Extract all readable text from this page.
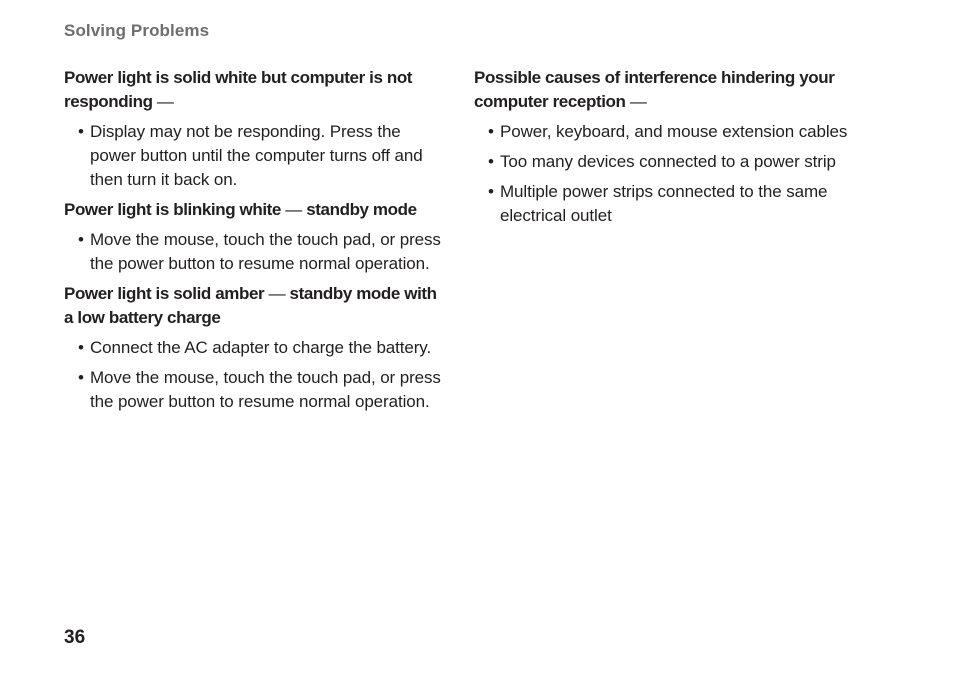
Solving Problems

Power light is solid white but computer is not responding —

• Display may not be responding. Press the power button until the computer turns off and then turn it back on.

Power light is blinking white — standby mode

• Move the mouse, touch the touch pad, or press the power button to resume normal operation.

Power light is solid amber — standby mode with a low battery charge

• Connect the AC adapter to charge the battery.
• Move the mouse, touch the touch pad, or press the power button to resume normal operation.

Possible causes of interference hindering your computer reception —

• Power, keyboard, and mouse extension cables
• Too many devices connected to a power strip
• Multiple power strips connected to the same electrical outlet
36
